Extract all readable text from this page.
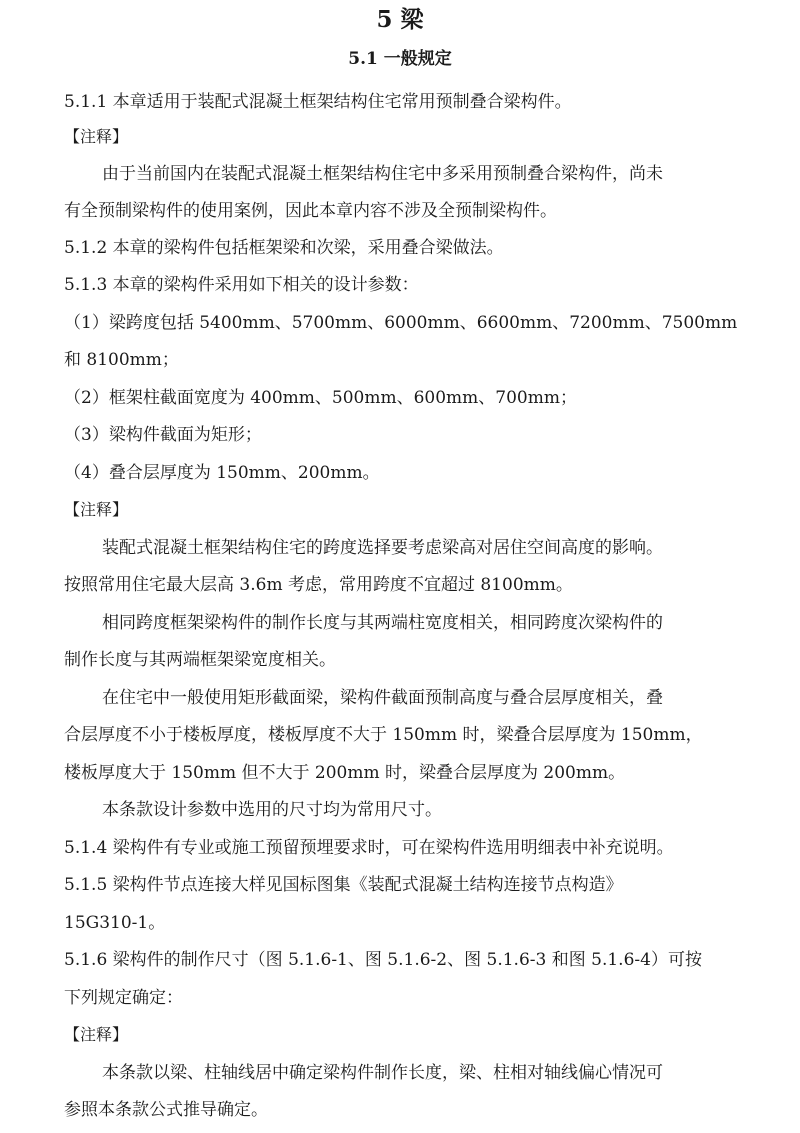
5 梁
5.1 一般规定
5.1.1 本章适用于装配式混凝土框架结构住宅常用预制叠合梁构件。
【注释】
由于当前国内在装配式混凝土框架结构住宅中多采用预制叠合梁构件，尚未
有全预制梁构件的使用案例，因此本章内容不涉及全预制梁构件。
5.1.2 本章的梁构件包括框架梁和次梁，采用叠合梁做法。
5.1.3 本章的梁构件采用如下相关的设计参数：
（1）梁跨度包括 5400mm、5700mm、6000mm、6600mm、7200mm、7500mm
和 8100mm；
（2）框架柱截面宽度为 400mm、500mm、600mm、700mm；
（3）梁构件截面为矩形；
（4）叠合层厚度为 150mm、200mm。
【注释】
装配式混凝土框架结构住宅的跨度选择要考虑梁高对居住空间高度的影响。
按照常用住宅最大层高 3.6m 考虑，常用跨度不宜超过 8100mm。
相同跨度框架梁构件的制作长度与其两端柱宽度相关，相同跨度次梁构件的
制作长度与其两端框架梁宽度相关。
在住宅中一般使用矩形截面梁，梁构件截面预制高度与叠合层厚度相关，叠
合层厚度不小于楼板厚度，楼板厚度不大于 150mm 时，梁叠合层厚度为 150mm，
楼板厚度大于 150mm 但不大于 200mm 时，梁叠合层厚度为 200mm。
本条款设计参数中选用的尺寸均为常用尺寸。
5.1.4 梁构件有专业或施工预留预埋要求时，可在梁构件选用明细表中补充说明。
5.1.5 梁构件节点连接大样见国标图集《装配式混凝土结构连接节点构造》
15G310-1。
5.1.6 梁构件的制作尺寸（图 5.1.6-1、图 5.1.6-2、图 5.1.6-3 和图 5.1.6-4）可按
下列规定确定：
【注释】
本条款以梁、柱轴线居中确定梁构件制作长度，梁、柱相对轴线偏心情况可
参照本条款公式推导确定。
